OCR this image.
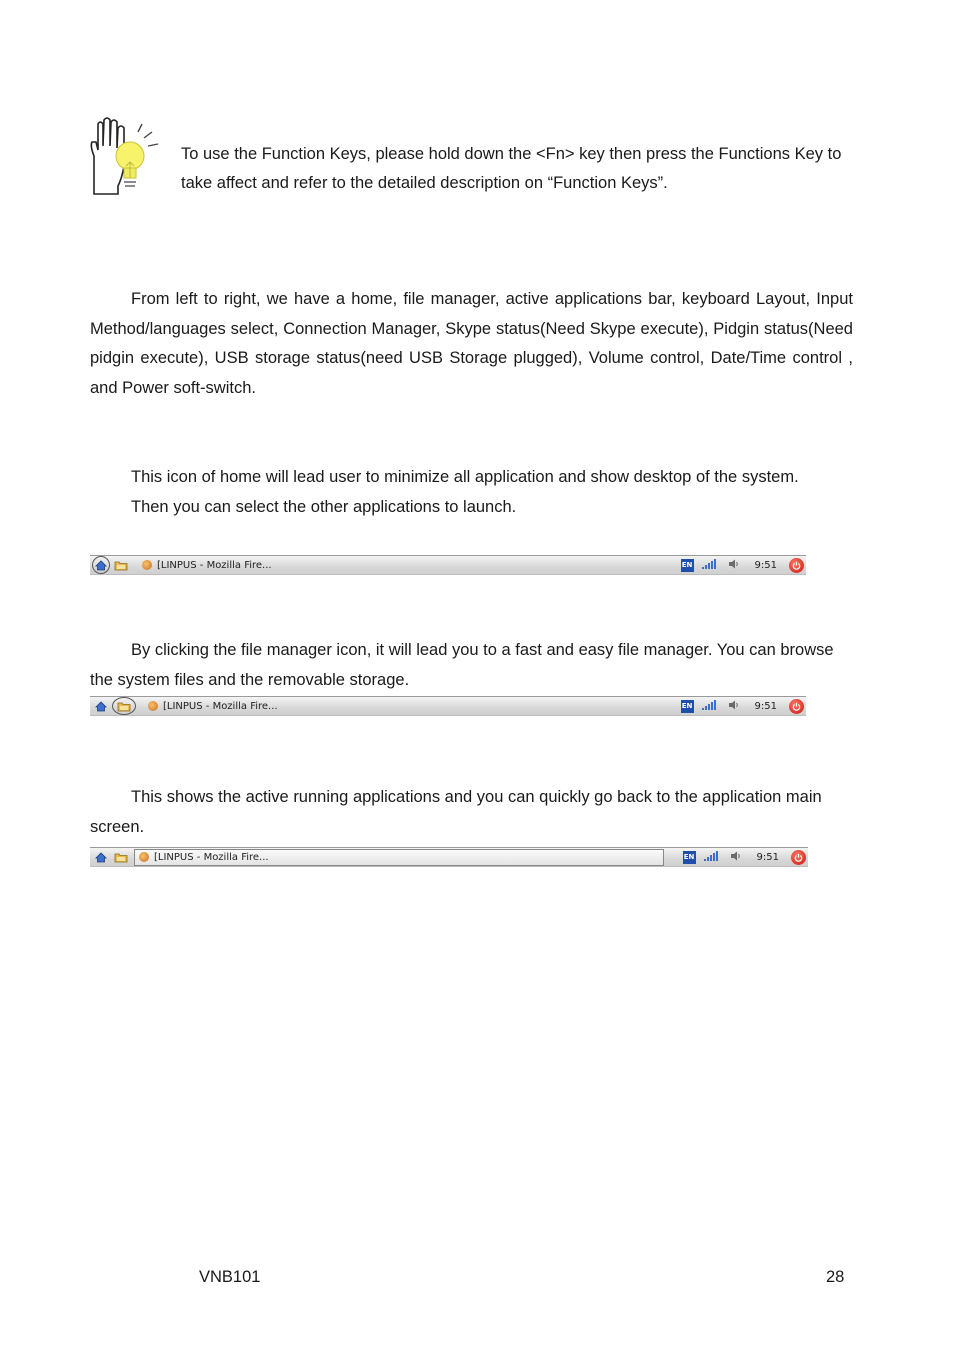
To use the Function Keys, please hold down the <Fn> key then press the Functions Key to take affect and refer to the detailed description on “Function Keys”.

From left to right, we have a home, file manager, active applications bar, keyboard Layout, Input Method/languages select, Connection Manager, Skype status(Need Skype execute), Pidgin status(Need pidgin execute), USB storage status(need USB Storage plugged), Volume control, Date/Time control , and Power soft-switch.

This icon of home will lead user to minimize all application and show desktop of the system.

Then you can select the other applications to launch.

[LINPUS - Mozilla Fire...	EN	9:51

By clicking the file manager icon, it will lead you to a fast and easy file manager. You can browse the system files and the removable storage.

[LINPUS - Mozilla Fire...	EN	9:51

This shows the active running applications and you can quickly go back to the application main screen.

[LINPUS - Mozilla Fire...	EN	9:51
VNB101	28
